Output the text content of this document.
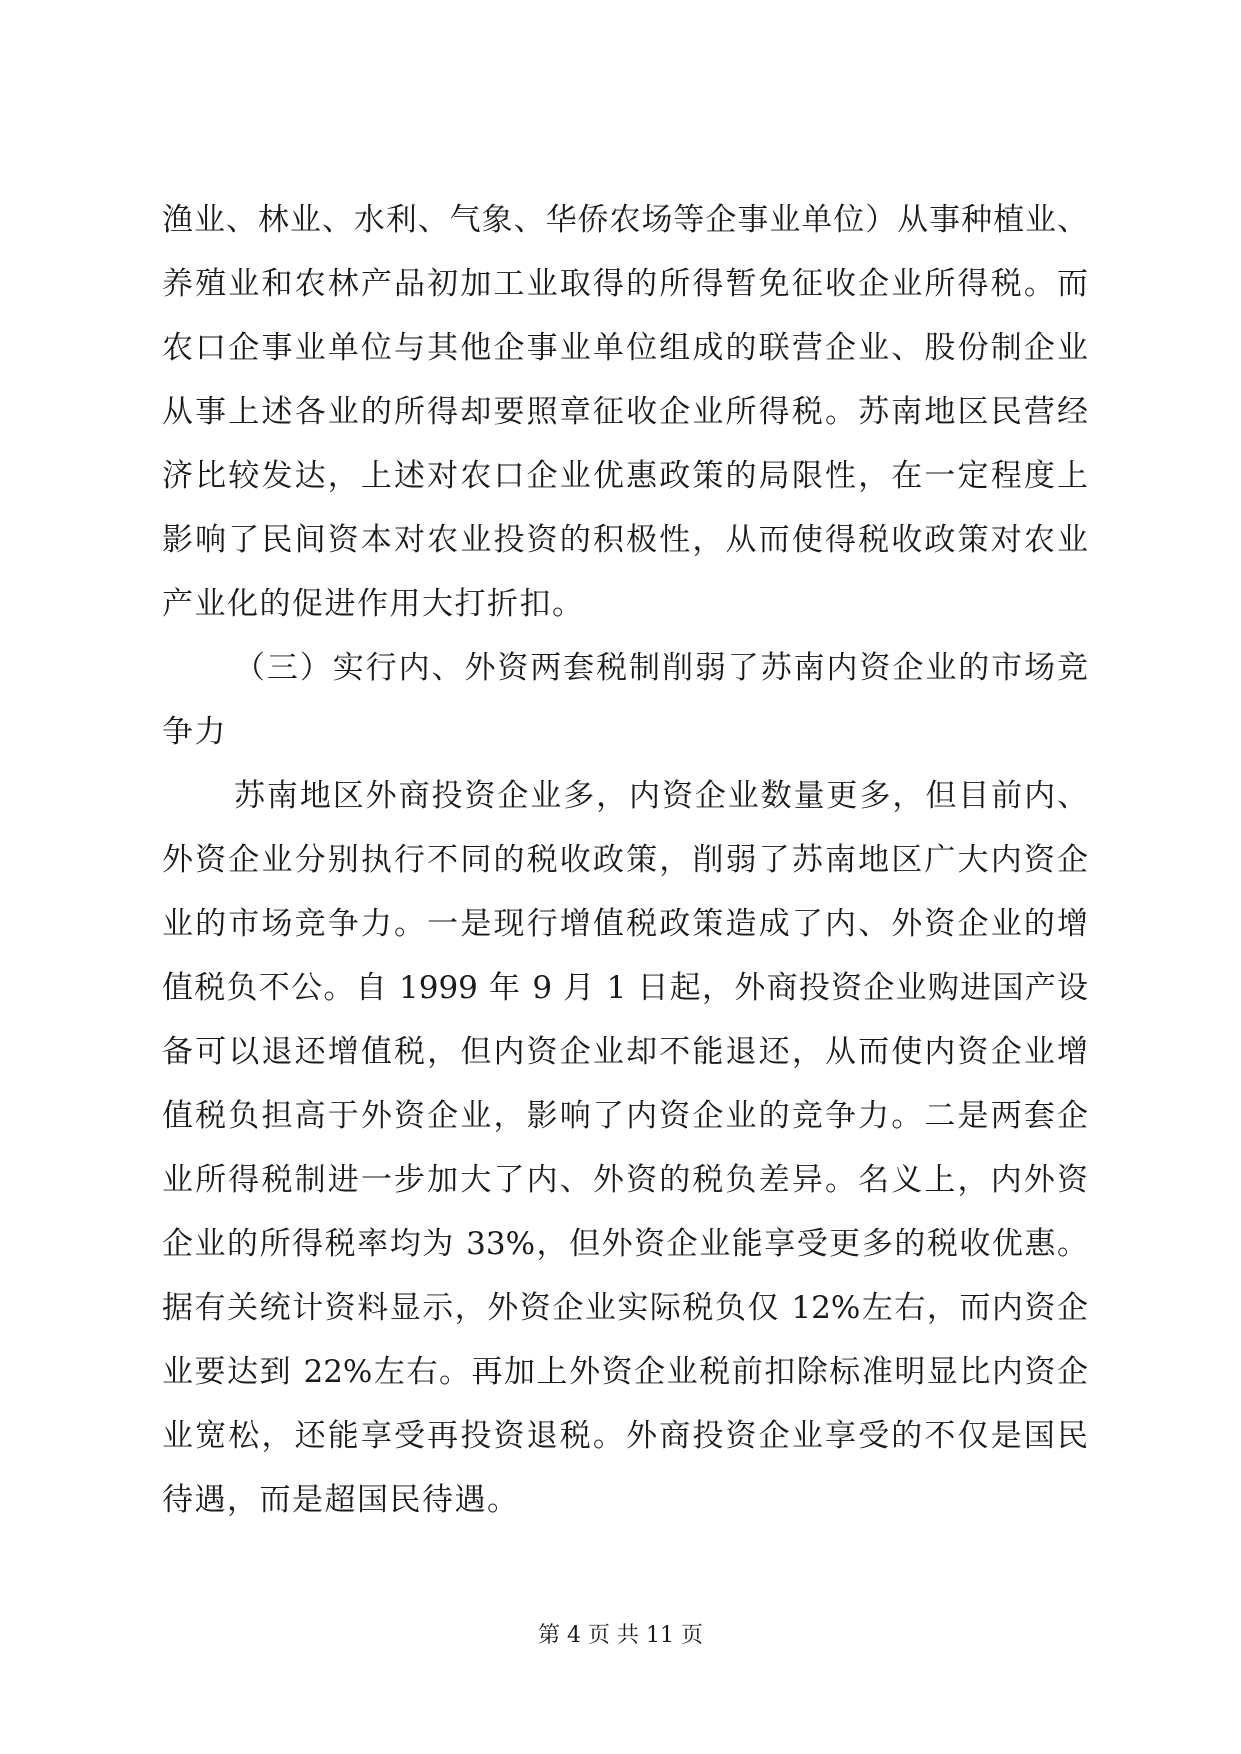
渔业、林业、水利、气象、华侨农场等企事业单位）从事种植业、
养殖业和农林产品初加工业取得的所得暂免征收企业所得税。而
农口企事业单位与其他企事业单位组成的联营企业、股份制企业
从事上述各业的所得却要照章征收企业所得税。苏南地区民营经
济比较发达，上述对农口企业优惠政策的局限性，在一定程度上
影响了民间资本对农业投资的积极性，从而使得税收政策对农业
产业化的促进作用大打折扣。
（三）实行内、外资两套税制削弱了苏南内资企业的市场竞
争力
苏南地区外商投资企业多，内资企业数量更多，但目前内、
外资企业分别执行不同的税收政策，削弱了苏南地区广大内资企
业的市场竞争力。一是现行增值税政策造成了内、外资企业的增
值税负不公。自 1999 年 9 月 1 日起，外商投资企业购进国产设
备可以退还增值税，但内资企业却不能退还，从而使内资企业增
值税负担高于外资企业，影响了内资企业的竞争力。二是两套企
业所得税制进一步加大了内、外资的税负差异。名义上，内外资
企业的所得税率均为 33%，但外资企业能享受更多的税收优惠。
据有关统计资料显示，外资企业实际税负仅 12%左右，而内资企
业要达到 22%左右。再加上外资企业税前扣除标准明显比内资企
业宽松，还能享受再投资退税。外商投资企业享受的不仅是国民
待遇，而是超国民待遇。
第 4 页 共 11 页
